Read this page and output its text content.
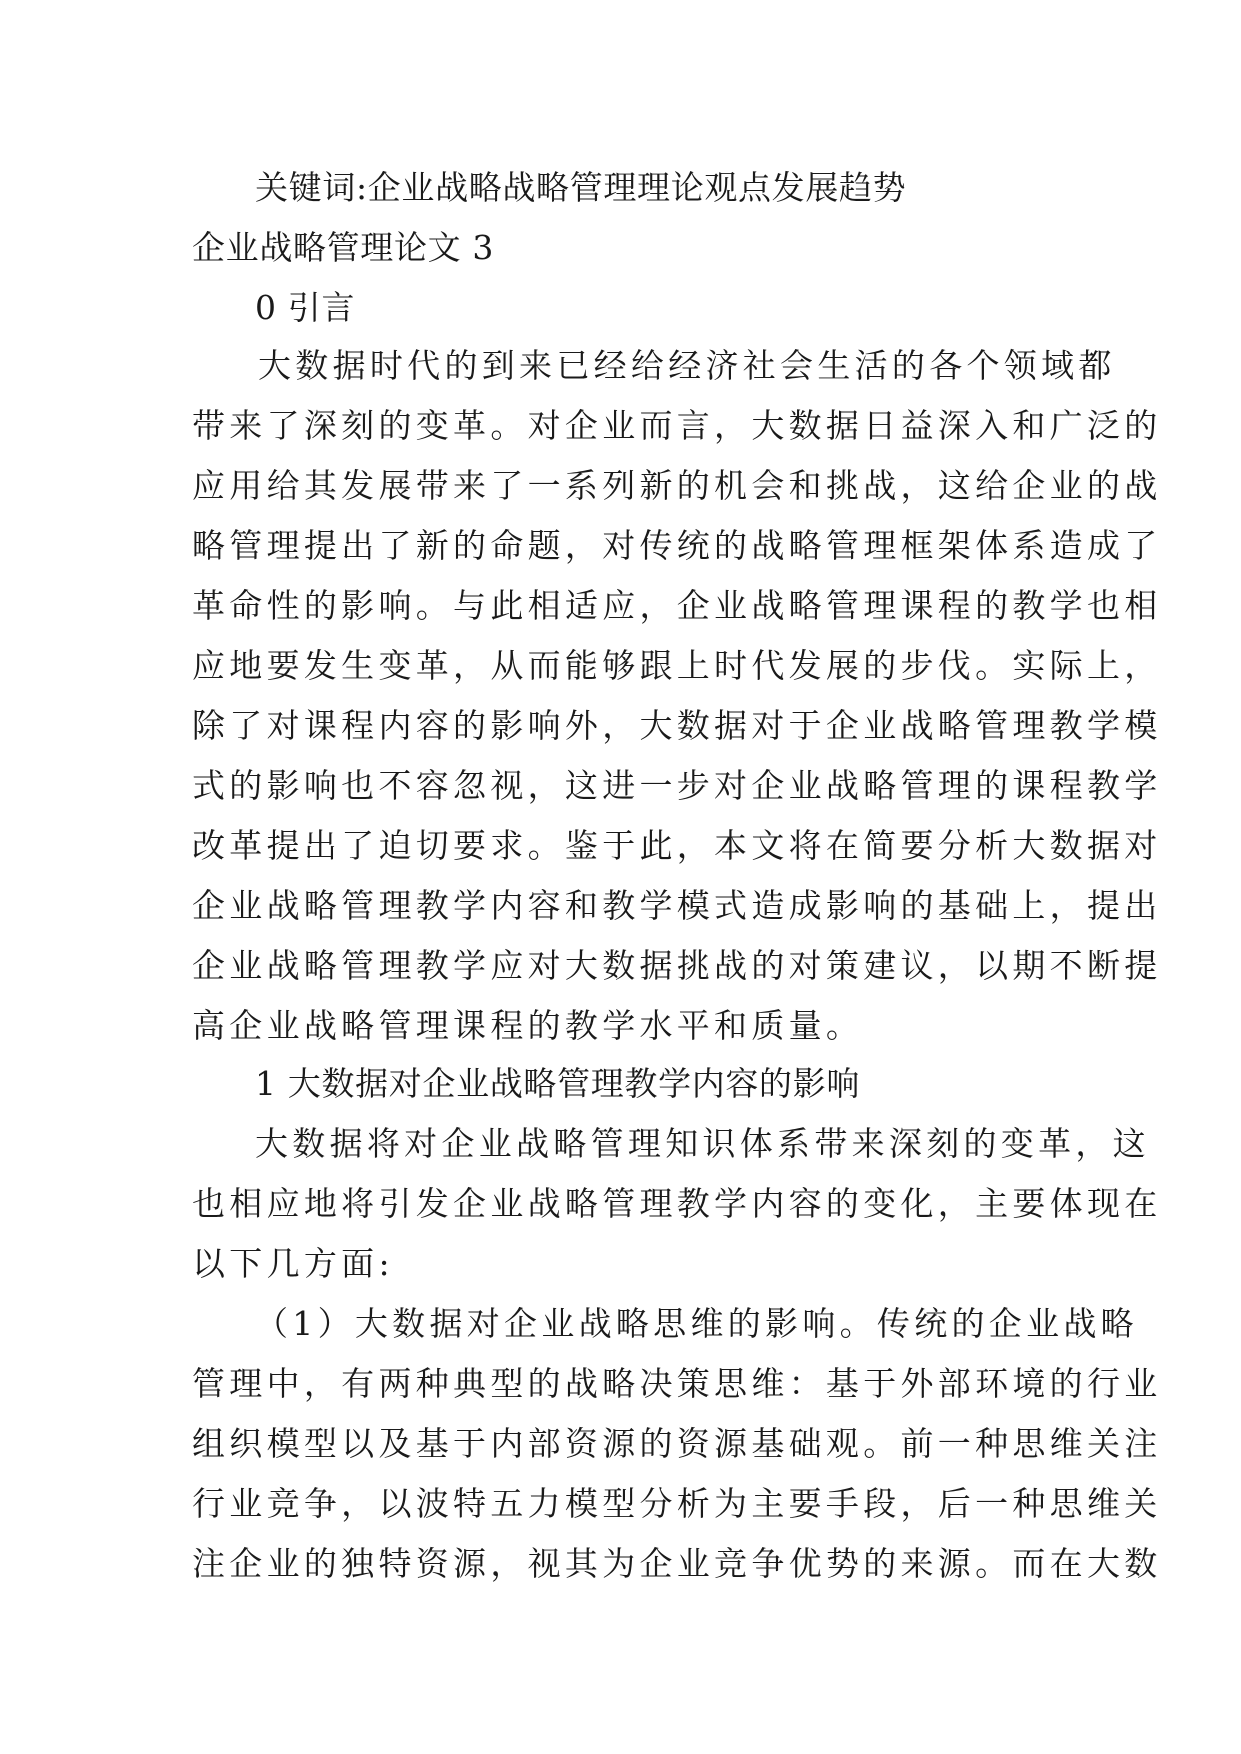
关键词:企业战略战略管理理论观点发展趋势
企业战略管理论文 3
0 引言
大数据时代的到来已经给经济社会生活的各个领域都
带来了深刻的变革。对企业而言，大数据日益深入和广泛的
应用给其发展带来了一系列新的机会和挑战，这给企业的战
略管理提出了新的命题，对传统的战略管理框架体系造成了
革命性的影响。与此相适应，企业战略管理课程的教学也相
应地要发生变革，从而能够跟上时代发展的步伐。实际上，
除了对课程内容的影响外，大数据对于企业战略管理教学模
式的影响也不容忽视，这进一步对企业战略管理的课程教学
改革提出了迫切要求。鉴于此，本文将在简要分析大数据对
企业战略管理教学内容和教学模式造成影响的基础上，提出
企业战略管理教学应对大数据挑战的对策建议，以期不断提
高企业战略管理课程的教学水平和质量。
1 大数据对企业战略管理教学内容的影响
大数据将对企业战略管理知识体系带来深刻的变革，这
也相应地将引发企业战略管理教学内容的变化，主要体现在
以下几方面:
（1）大数据对企业战略思维的影响。传统的企业战略
管理中，有两种典型的战略决策思维：基于外部环境的行业
组织模型以及基于内部资源的资源基础观。前一种思维关注
行业竞争，以波特五力模型分析为主要手段，后一种思维关
注企业的独特资源，视其为企业竞争优势的来源。而在大数
